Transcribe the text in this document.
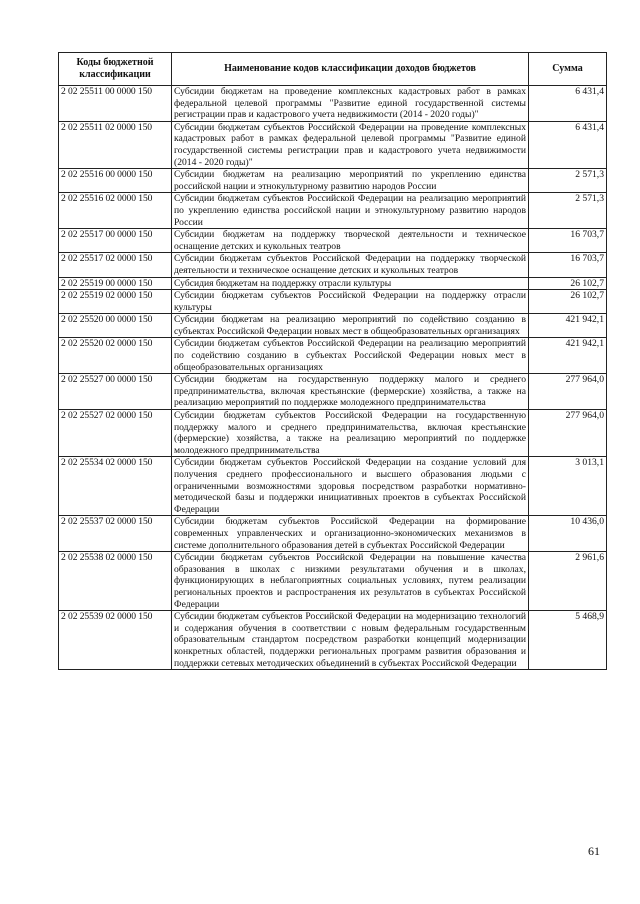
Коды бюджетной классификации	Наименование кодов классификации доходов бюджетов	Сумма
2 02 25511 00 0000 150	Субсидии бюджетам на проведение комплексных кадастровых работ в рамках федеральной целевой программы "Развитие единой государственной системы регистрации прав и кадастрового учета недвижимости (2014 - 2020 годы)"	6 431,4
2 02 25511 02 0000 150	Субсидии бюджетам субъектов Российской Федерации на проведение комплексных кадастровых работ в рамках федеральной целевой программы "Развитие единой государственной системы регистрации прав и кадастрового учета недвижимости (2014 - 2020 годы)"	6 431,4
2 02 25516 00 0000 150	Субсидии бюджетам на реализацию мероприятий по укреплению единства российской нации и этнокультурному развитию народов России	2 571,3
2 02 25516 02 0000 150	Субсидии бюджетам субъектов Российской Федерации на реализацию мероприятий по укреплению единства российской нации и этнокультурному развитию народов России	2 571,3
2 02 25517 00 0000 150	Субсидии бюджетам на поддержку творческой деятельности и техническое оснащение детских и кукольных театров	16 703,7
2 02 25517 02 0000 150	Субсидии бюджетам субъектов Российской Федерации на поддержку творческой деятельности и техническое оснащение детских и кукольных театров	16 703,7
2 02 25519 00 0000 150	Субсидия бюджетам на поддержку отрасли культуры	26 102,7
2 02 25519 02 0000 150	Субсидии бюджетам субъектов Российской Федерации на поддержку отрасли культуры	26 102,7
2 02 25520 00 0000 150	Субсидии бюджетам на реализацию мероприятий по содействию созданию в субъектах Российской Федерации новых мест в общеобразовательных организациях	421 942,1
2 02 25520 02 0000 150	Субсидии бюджетам субъектов Российской Федерации на реализацию мероприятий по содействию созданию в субъектах Российской Федерации новых мест в общеобразовательных организациях	421 942,1
2 02 25527 00 0000 150	Субсидии бюджетам на государственную поддержку малого и среднего предпринимательства, включая крестьянские (фермерские) хозяйства, а также на реализацию мероприятий по поддержке молодежного предпринимательства	277 964,0
2 02 25527 02 0000 150	Субсидии бюджетам субъектов Российской Федерации на государственную поддержку малого и среднего предпринимательства, включая крестьянские (фермерские) хозяйства, а также на реализацию мероприятий по поддержке молодежного предпринимательства	277 964,0
2 02 25534 02 0000 150	Субсидии бюджетам субъектов Российской Федерации на создание условий для получения среднего профессионального и высшего образования людьми с ограниченными возможностями здоровья посредством разработки нормативно-методической базы и поддержки инициативных проектов в субъектах Российской Федерации	3 013,1
2 02 25537 02 0000 150	Субсидии бюджетам субъектов Российской Федерации на формирование современных управленческих и организационно-экономических механизмов в системе дополнительного образования детей в субъектах Российской Федерации	10 436,0
2 02 25538 02 0000 150	Субсидии бюджетам субъектов Российской Федерации на повышение качества образования в школах с низкими результатами обучения и в школах, функционирующих в неблагоприятных социальных условиях, путем реализации региональных проектов и распространения их результатов в субъектах Российской Федерации	2 961,6
2 02 25539 02 0000 150	Субсидии бюджетам субъектов Российской Федерации на модернизацию технологий и содержания обучения в соответствии с новым федеральным государственным образовательным стандартом посредством разработки концепций модернизации конкретных областей, поддержки региональных программ развития образования и поддержки сетевых методических объединений в субъектах Российской Федерации	5 468,9
61
